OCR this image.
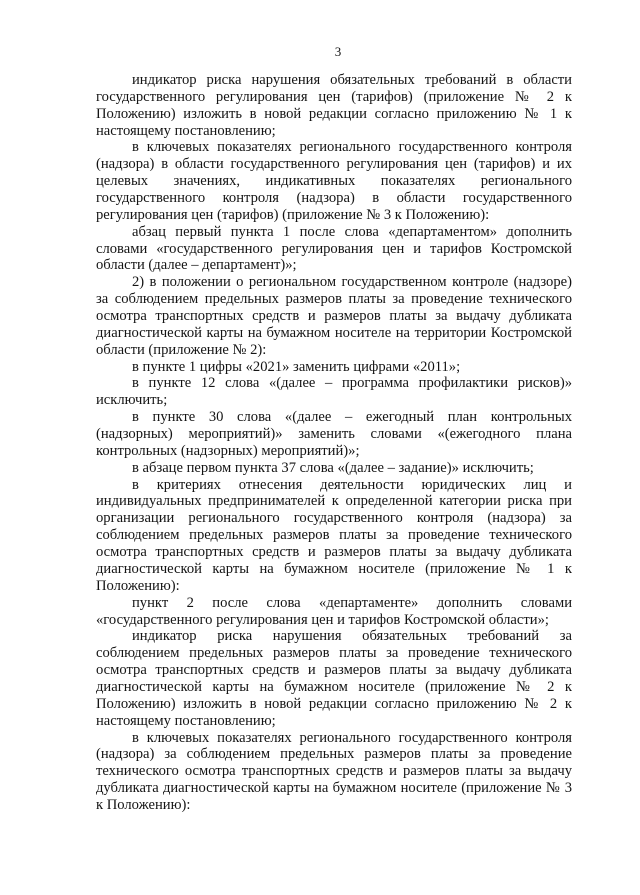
3

индикатор риска нарушения обязательных требований в области государственного регулирования цен (тарифов) (приложение № 2 к Положению) изложить в новой редакции согласно приложению № 1 к настоящему постановлению;

в ключевых показателях регионального государственного контроля (надзора) в области государственного регулирования цен (тарифов) и их целевых значениях, индикативных показателях регионального государственного контроля (надзора) в области государственного регулирования цен (тарифов) (приложение № 3 к Положению):

абзац первый пункта 1 после слова «департаментом» дополнить словами «государственного регулирования цен и тарифов Костромской области (далее – департамент)»;

2) в положении о региональном государственном контроле (надзоре) за соблюдением предельных размеров платы за проведение технического осмотра транспортных средств и размеров платы за выдачу дубликата диагностической карты на бумажном носителе на территории Костромской области (приложение № 2):

в пункте 1 цифры «2021» заменить цифрами «2011»;

в пункте 12 слова «(далее – программа профилактики рисков)» исключить;

в пункте 30 слова «(далее – ежегодный план контрольных (надзорных) мероприятий)» заменить словами «(ежегодного плана контрольных (надзорных) мероприятий)»;

в абзаце первом пункта 37 слова «(далее – задание)» исключить;

в критериях отнесения деятельности юридических лиц и индивидуальных предпринимателей к определенной категории риска при организации регионального государственного контроля (надзора) за соблюдением предельных размеров платы за проведение технического осмотра транспортных средств и размеров платы за выдачу дубликата диагностической карты на бумажном носителе (приложение № 1 к Положению):

пункт 2 после слова «департаменте» дополнить словами «государственного регулирования цен и тарифов Костромской области»;

индикатор риска нарушения обязательных требований за соблюдением предельных размеров платы за проведение технического осмотра транспортных средств и размеров платы за выдачу дубликата диагностической карты на бумажном носителе (приложение № 2 к Положению) изложить в новой редакции согласно приложению № 2 к настоящему постановлению;

в ключевых показателях регионального государственного контроля (надзора) за соблюдением предельных размеров платы за проведение технического осмотра транспортных средств и размеров платы за выдачу дубликата диагностической карты на бумажном носителе (приложение № 3 к Положению):
